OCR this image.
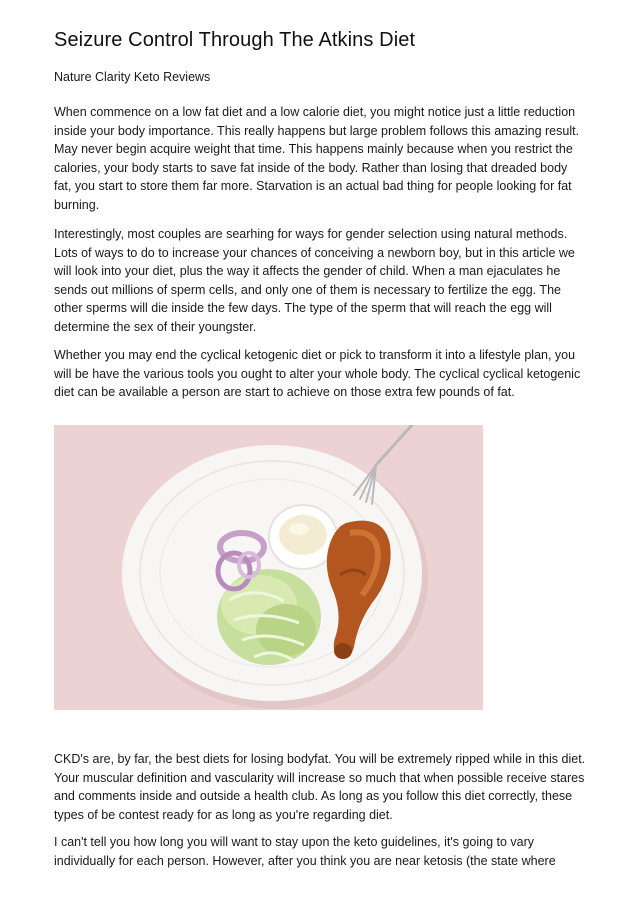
Seizure Control Through The Atkins Diet

Nature Clarity Keto Reviews

When commence on a low fat diet and a low calorie diet, you might notice just a little reduction inside your body importance. This really happens but large problem follows this amazing result. May never begin acquire weight that time. This happens mainly because when you restrict the calories, your body starts to save fat inside of the body. Rather than losing that dreaded body fat, you start to store them far more. Starvation is an actual bad thing for people looking for fat burning.

Interestingly, most couples are searhing for ways for gender selection using natural methods. Lots of ways to do to increase your chances of conceiving a newborn boy, but in this article we will look into your diet, plus the way it affects the gender of child. When a man ejaculates he sends out millions of sperm cells, and only one of them is necessary to fertilize the egg. The other sperms will die inside the few days. The type of the sperm that will reach the egg will determine the sex of their youngster.

Whether you may end the cyclical ketogenic diet or pick to transform it into a lifestyle plan, you will be have the various tools you ought to alter your whole body. The cyclical cyclical ketogenic diet can be available a person are start to achieve on those extra few pounds of fat.

CKD's are, by far, the best diets for losing bodyfat. You will be extremely ripped while in this diet. Your muscular definition and vascularity will increase so much that when possible receive stares and comments inside and outside a health club. As long as you follow this diet correctly, these types of be contest ready for as long as you're regarding diet.

I can't tell you how long you will want to stay upon the keto guidelines, it's going to vary individually for each person. However, after you think you are near ketosis (the state where
